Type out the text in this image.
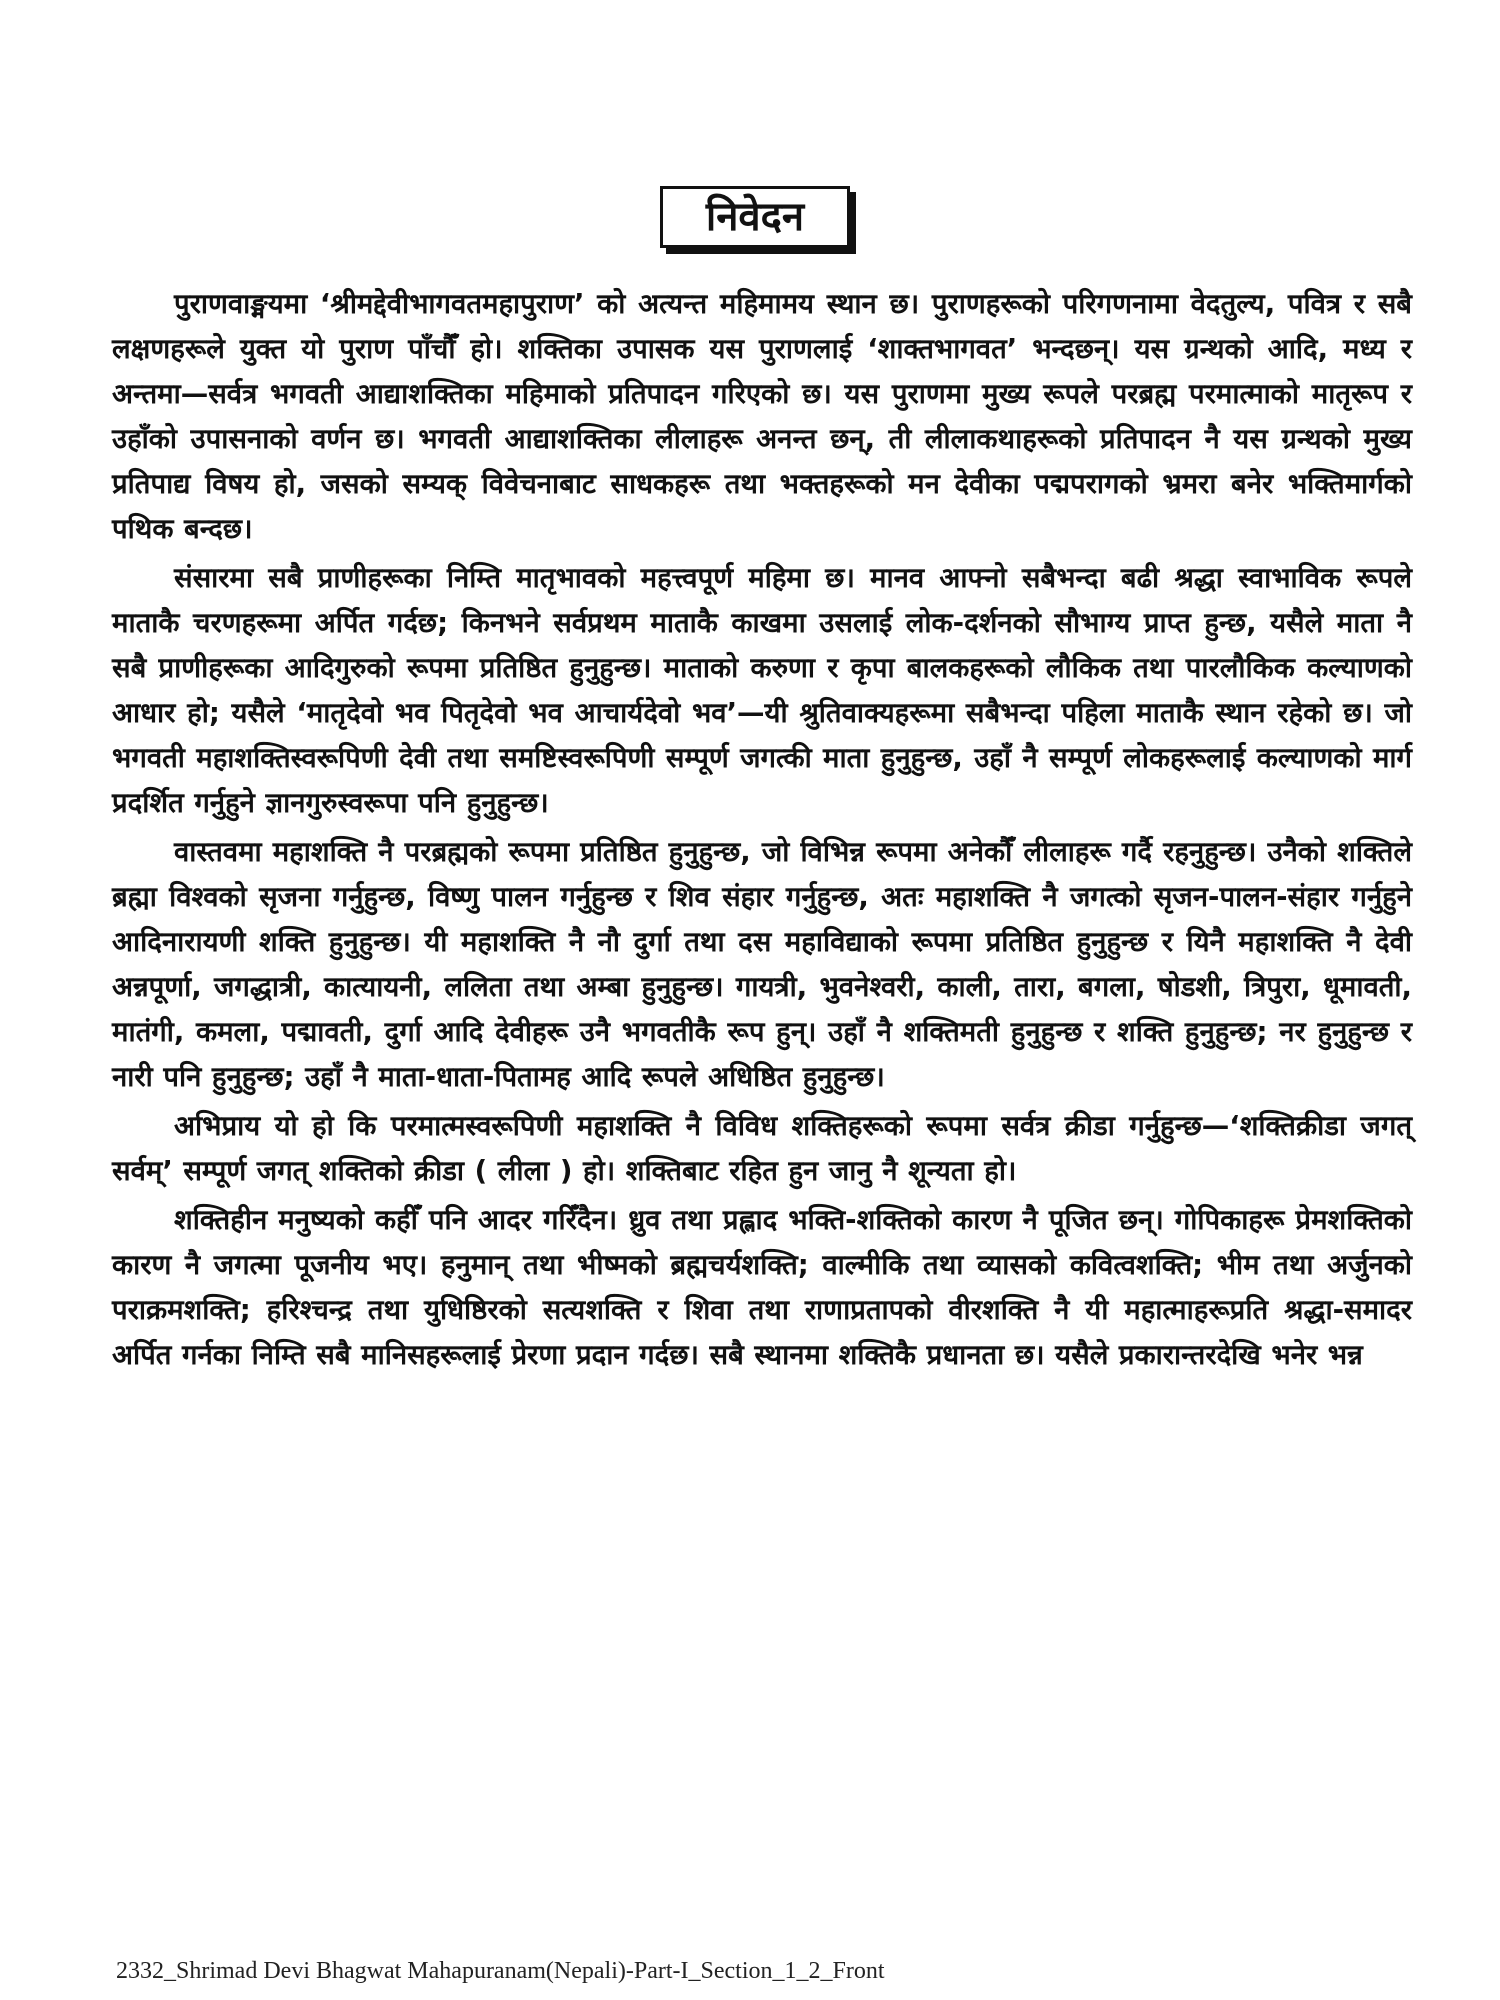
निवेदन

पुराणवाङ्मयमा ‘श्रीमद्देवीभागवतमहापुराण’ को अत्यन्त महिमामय स्थान छ। पुराणहरूको परिगणनामा वेदतुल्य, पवित्र र सबै लक्षणहरूले युक्त यो पुराण पाँचौँ हो। शक्तिका उपासक यस पुराणलाई ‘शाक्तभागवत’ भन्दछन्। यस ग्रन्थको आदि, मध्य र अन्तमा—सर्वत्र भगवती आद्याशक्तिका महिमाको प्रतिपादन गरिएको छ। यस पुराणमा मुख्य रूपले परब्रह्म परमात्माको मातृरूप र उहाँको उपासनाको वर्णन छ। भगवती आद्याशक्तिका लीलाहरू अनन्त छन्, ती लीलाकथाहरूको प्रतिपादन नै यस ग्रन्थको मुख्य प्रतिपाद्य विषय हो, जसको सम्यक् विवेचनाबाट साधकहरू तथा भक्तहरूको मन देवीका पद्मपरागको भ्रमरा बनेर भक्तिमार्गको पथिक बन्दछ।

संसारमा सबै प्राणीहरूका निम्ति मातृभावको महत्त्वपूर्ण महिमा छ। मानव आफ्नो सबैभन्दा बढी श्रद्धा स्वाभाविक रूपले माताकै चरणहरूमा अर्पित गर्दछ; किनभने सर्वप्रथम माताकै काखमा उसलाई लोक-दर्शनको सौभाग्य प्राप्त हुन्छ, यसैले माता नै सबै प्राणीहरूका आदिगुरुको रूपमा प्रतिष्ठित हुनुहुन्छ। माताको करुणा र कृपा बालकहरूको लौकिक तथा पारलौकिक कल्याणको आधार हो; यसैले ‘मातृदेवो भव पितृदेवो भव आचार्यदेवो भव’—यी श्रुतिवाक्यहरूमा सबैभन्दा पहिला माताकै स्थान रहेको छ। जो भगवती महाशक्तिस्वरूपिणी देवी तथा समष्टिस्वरूपिणी सम्पूर्ण जगत्की माता हुनुहुन्छ, उहाँ नै सम्पूर्ण लोकहरूलाई कल्याणको मार्ग प्रदर्शित गर्नुहुने ज्ञानगुरुस्वरूपा पनि हुनुहुन्छ।

वास्तवमा महाशक्ति नै परब्रह्मको रूपमा प्रतिष्ठित हुनुहुन्छ, जो विभिन्न रूपमा अनेकौँ लीलाहरू गर्दै रहनुहुन्छ। उनैको शक्तिले ब्रह्मा विश्वको सृजना गर्नुहुन्छ, विष्णु पालन गर्नुहुन्छ र शिव संहार गर्नुहुन्छ, अतः महाशक्ति नै जगत्को सृजन-पालन-संहार गर्नुहुने आदिनारायणी शक्ति हुनुहुन्छ। यी महाशक्ति नै नौ दुर्गा तथा दस महाविद्याको रूपमा प्रतिष्ठित हुनुहुन्छ र यिनै महाशक्ति नै देवी अन्नपूर्णा, जगद्धात्री, कात्यायनी, ललिता तथा अम्बा हुनुहुन्छ। गायत्री, भुवनेश्वरी, काली, तारा, बगला, षोडशी, त्रिपुरा, धूमावती, मातंगी, कमला, पद्मावती, दुर्गा आदि देवीहरू उनै भगवतीकै रूप हुन्। उहाँ नै शक्तिमती हुनुहुन्छ र शक्ति हुनुहुन्छ; नर हुनुहुन्छ र नारी पनि हुनुहुन्छ; उहाँ नै माता-धाता-पितामह आदि रूपले अधिष्ठित हुनुहुन्छ।

अभिप्राय यो हो कि परमात्मस्वरूपिणी महाशक्ति नै विविध शक्तिहरूको रूपमा सर्वत्र क्रीडा गर्नुहुन्छ—‘शक्तिक्रीडा जगत् सर्वम्’ सम्पूर्ण जगत् शक्तिको क्रीडा ( लीला ) हो। शक्तिबाट रहित हुन जानु नै शून्यता हो।

शक्तिहीन मनुष्यको कहीँ पनि आदर गरिँदैन। ध्रुव तथा प्रह्लाद भक्ति-शक्तिको कारण नै पूजित छन्। गोपिकाहरू प्रेमशक्तिको कारण नै जगत्मा पूजनीय भए। हनुमान् तथा भीष्मको ब्रह्मचर्यशक्ति; वाल्मीकि तथा व्यासको कवित्वशक्ति; भीम तथा अर्जुनको पराक्रमशक्ति; हरिश्चन्द्र तथा युधिष्ठिरको सत्यशक्ति र शिवा तथा राणाप्रतापको वीरशक्ति नै यी महात्माहरूप्रति श्रद्धा-समादर अर्पित गर्नका निम्ति सबै मानिसहरूलाई प्रेरणा प्रदान गर्दछ। सबै स्थानमा शक्तिकै प्रधानता छ। यसैले प्रकारान्तरदेखि भनेर भन्न

2332_Shrimad Devi Bhagwat Mahapuranam(Nepali)-Part-I_Section_1_2_Front
